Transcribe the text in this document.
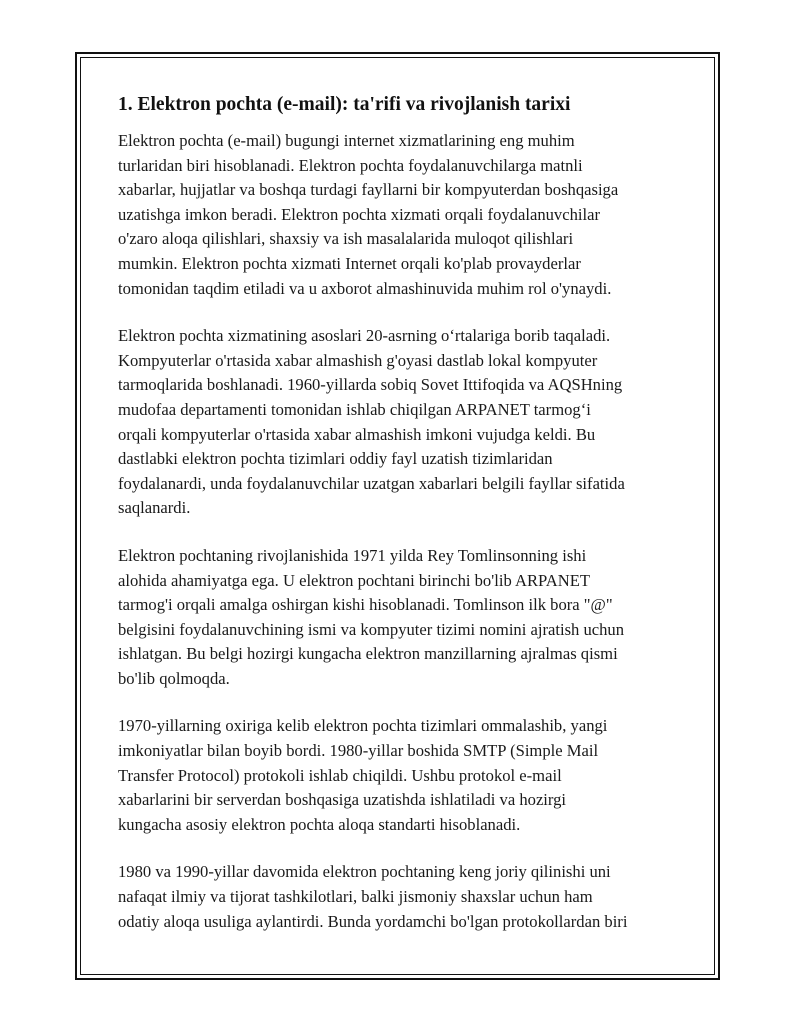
1. Elektron pochta (e-mail): ta'rifi va rivojlanish tarixi

Elektron pochta (e-mail) bugungi internet xizmatlarining eng muhim
turlaridan biri hisoblanadi. Elektron pochta foydalanuvchilarga matnli
xabarlar, hujjatlar va boshqa turdagi fayllarni bir kompyuterdan boshqasiga
uzatishga imkon beradi. Elektron pochta xizmati orqali foydalanuvchilar
o'zaro aloqa qilishlari, shaxsiy va ish masalalarida muloqot qilishlari
mumkin. Elektron pochta xizmati Internet orqali ko'plab provayderlar
tomonidan taqdim etiladi va u axborot almashinuvida muhim rol o'ynaydi.

Elektron pochta xizmatining asoslari 20-asrning o‘rtalariga borib taqaladi.
Kompyuterlar o'rtasida xabar almashish g'oyasi dastlab lokal kompyuter
tarmoqlarida boshlanadi. 1960-yillarda sobiq Sovet Ittifoqida va AQSHning
mudofaa departamenti tomonidan ishlab chiqilgan ARPANET tarmog‘i
orqali kompyuterlar o'rtasida xabar almashish imkoni vujudga keldi. Bu
dastlabki elektron pochta tizimlari oddiy fayl uzatish tizimlaridan
foydalanardi, unda foydalanuvchilar uzatgan xabarlari belgili fayllar sifatida
saqlanardi.

Elektron pochtaning rivojlanishida 1971 yilda Rey Tomlinsonning ishi
alohida ahamiyatga ega. U elektron pochtani birinchi bo'lib ARPANET
tarmog'i orqali amalga oshirgan kishi hisoblanadi. Tomlinson ilk bora "@"
belgisini foydalanuvchining ismi va kompyuter tizimi nomini ajratish uchun
ishlatgan. Bu belgi hozirgi kungacha elektron manzillarning ajralmas qismi
bo'lib qolmoqda.

1970-yillarning oxiriga kelib elektron pochta tizimlari ommalashib, yangi
imkoniyatlar bilan boyib bordi. 1980-yillar boshida SMTP (Simple Mail
Transfer Protocol) protokoli ishlab chiqildi. Ushbu protokol e-mail
xabarlarini bir serverdan boshqasiga uzatishda ishlatiladi va hozirgi
kungacha asosiy elektron pochta aloqa standarti hisoblanadi.

1980 va 1990-yillar davomida elektron pochtaning keng joriy qilinishi uni
nafaqat ilmiy va tijorat tashkilotlari, balki jismoniy shaxslar uchun ham
odatiy aloqa usuliga aylantirdi. Bunda yordamchi bo'lgan protokollardan biri
